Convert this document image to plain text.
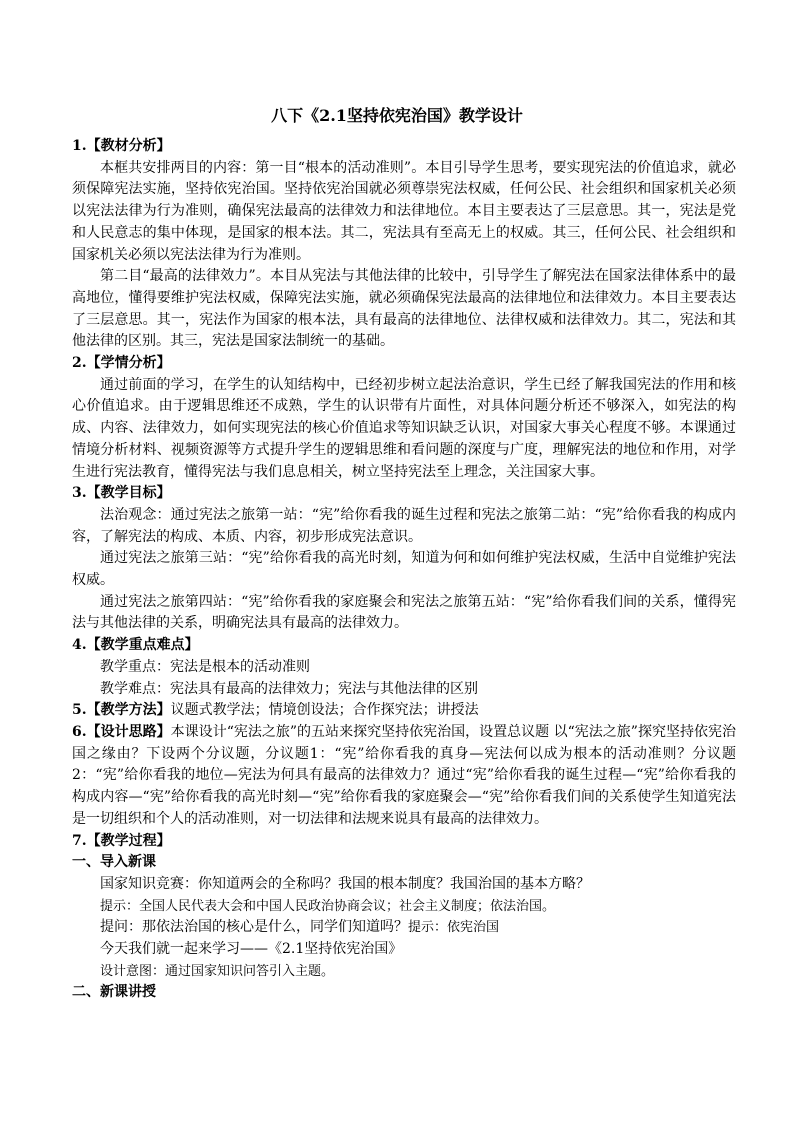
八下《2.1坚持依宪治国》教学设计

1.【教材分析】

本框共安排两目的内容：第一目“根本的活动准则”。本目引导学生思考，要实现宪法的价值追求，就必须保障宪法实施，坚持依宪治国。坚持依宪治国就必须尊崇宪法权威，任何公民、社会组织和国家机关必须以宪法法律为行为准则，确保宪法最高的法律效力和法律地位。本目主要表达了三层意思。其一，宪法是党和人民意志的集中体现，是国家的根本法。其二，宪法具有至高无上的权威。其三，任何公民、社会组织和国家机关必须以宪法法律为行为准则。

第二目“最高的法律效力”。本目从宪法与其他法律的比较中，引导学生了解宪法在国家法律体系中的最高地位，懂得要维护宪法权威，保障宪法实施，就必须确保宪法最高的法律地位和法律效力。本目主要表达了三层意思。其一，宪法作为国家的根本法，具有最高的法律地位、法律权威和法律效力。其二，宪法和其他法律的区别。其三，宪法是国家法制统一的基础。

2.【学情分析】

通过前面的学习，在学生的认知结构中，已经初步树立起法治意识，学生已经了解我国宪法的作用和核心价值追求。由于逻辑思维还不成熟，学生的认识带有片面性，对具体问题分析还不够深入，如宪法的构成、内容、法律效力，如何实现宪法的核心价值追求等知识缺乏认识，对国家大事关心程度不够。本课通过情境分析材料、视频资源等方式提升学生的逻辑思维和看问题的深度与广度，理解宪法的地位和作用，对学生进行宪法教育，懂得宪法与我们息息相关，树立坚持宪法至上理念，关注国家大事。

3.【教学目标】

法治观念：通过宪法之旅第一站：“宪”给你看我的诞生过程和宪法之旅第二站：“宪”给你看我的构成内容，了解宪法的构成、本质、内容，初步形成宪法意识。

通过宪法之旅第三站：“宪”给你看我的高光时刻，知道为何和如何维护宪法权威，生活中自觉维护宪法权威。

通过宪法之旅第四站：“宪”给你看我的家庭聚会和宪法之旅第五站：“宪”给你看我们间的关系，懂得宪法与其他法律的关系，明确宪法具有最高的法律效力。

4.【教学重点难点】

教学重点：宪法是根本的活动准则

教学难点：宪法具有最高的法律效力；宪法与其他法律的区别

5.【教学方法】议题式教学法；情境创设法；合作探究法；讲授法

6.【设计思路】本课设计“宪法之旅”的五站来探究坚持依宪治国，设置总议题 以“宪法之旅”探究坚持依宪治国之缘由？下设两个分议题，分议题1：“宪”给你看我的真身—宪法何以成为根本的活动准则？分议题2：“宪”给你看我的地位—宪法为何具有最高的法律效力？通过“宪”给你看我的诞生过程—“宪”给你看我的构成内容—“宪”给你看我的高光时刻—“宪”给你看我的家庭聚会—“宪”给你看我们间的关系使学生知道宪法是一切组织和个人的活动准则，对一切法律和法规来说具有最高的法律效力。

7.【教学过程】

一、导入新课

国家知识竞赛：你知道两会的全称吗？我国的根本制度？我国治国的基本方略？

提示：全国人民代表大会和中国人民政治协商会议；社会主义制度；依法治国。

提问：那依法治国的核心是什么，同学们知道吗？提示：依宪治国

今天我们就一起来学习——《2.1坚持依宪治国》

设计意图：通过国家知识问答引入主题。

二、新课讲授
